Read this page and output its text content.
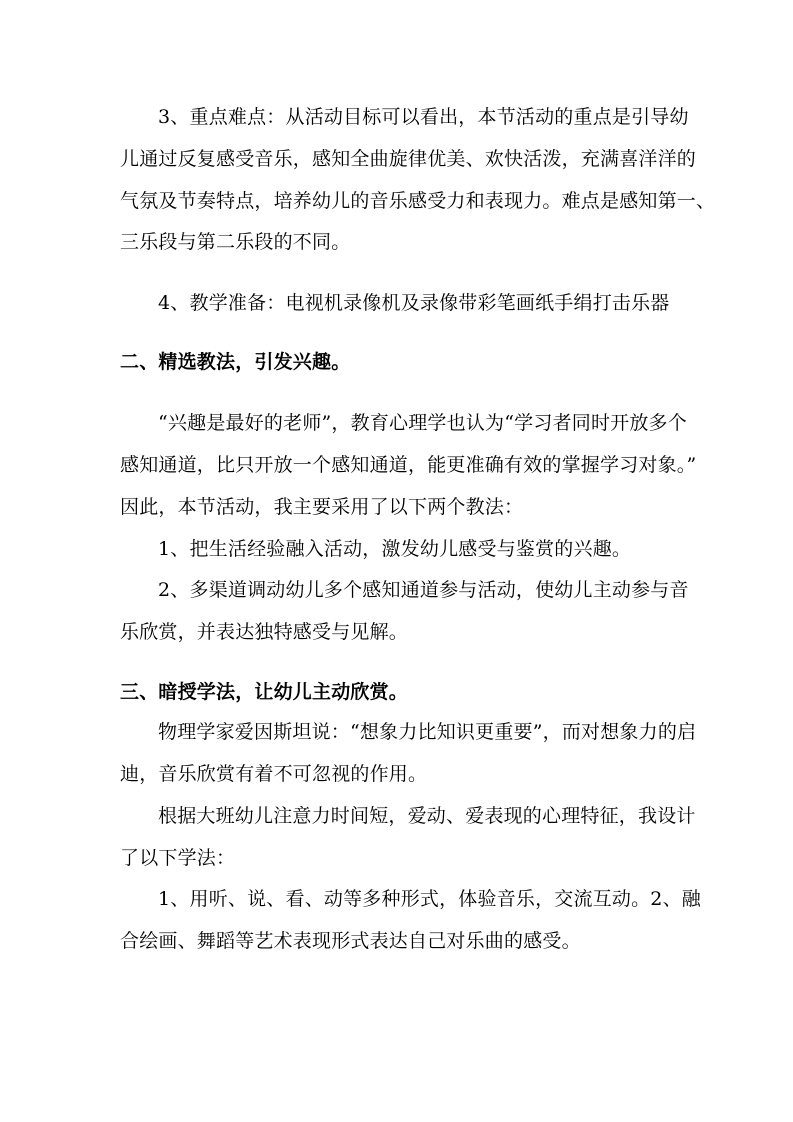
3、重点难点：从活动目标可以看出，本节活动的重点是引导幼
儿通过反复感受音乐，感知全曲旋律优美、欢快活泼，充满喜洋洋的
气氛及节奏特点，培养幼儿的音乐感受力和表现力。难点是感知第一、
三乐段与第二乐段的不同。
4、教学准备：电视机录像机及录像带彩笔画纸手绢打击乐器
二、精选教法，引发兴趣。
“兴趣是最好的老师”，教育心理学也认为“学习者同时开放多个
感知通道，比只开放一个感知通道，能更准确有效的掌握学习对象。”
因此，本节活动，我主要采用了以下两个教法：
1、把生活经验融入活动，激发幼儿感受与鉴赏的兴趣。
2、多渠道调动幼儿多个感知通道参与活动，使幼儿主动参与音
乐欣赏，并表达独特感受与见解。
三、暗授学法，让幼儿主动欣赏。
物理学家爱因斯坦说：“想象力比知识更重要”，而对想象力的启
迪，音乐欣赏有着不可忽视的作用。
根据大班幼儿注意力时间短，爱动、爱表现的心理特征，我设计
了以下学法：
1、用听、说、看、动等多种形式，体验音乐，交流互动。2、融
合绘画、舞蹈等艺术表现形式表达自己对乐曲的感受。
